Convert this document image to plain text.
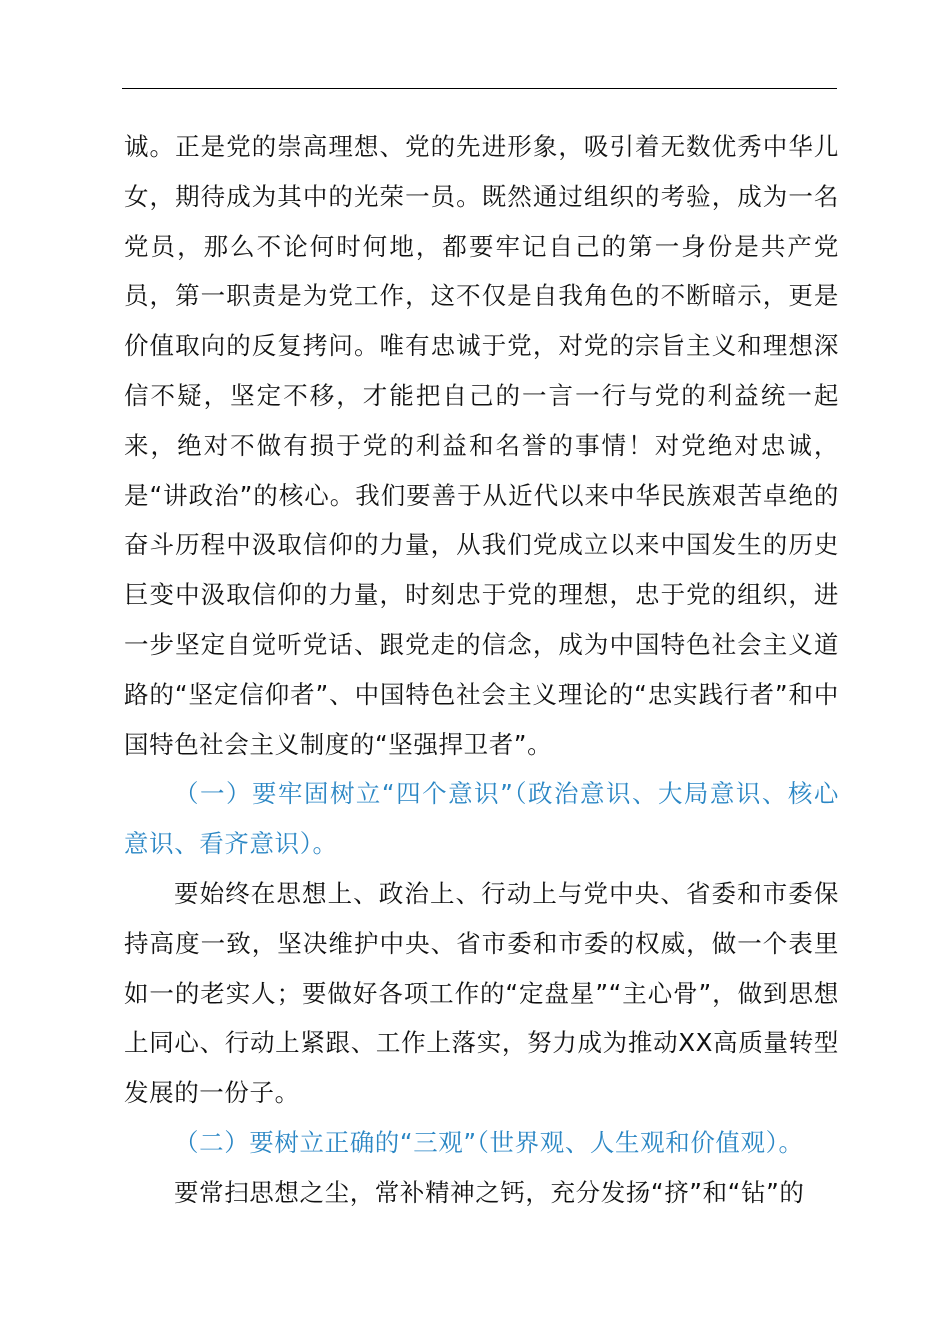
诚。正是党的崇高理想、党的先进形象，吸引着无数优秀中华儿女，期待成为其中的光荣一员。既然通过组织的考验，成为一名党员，那么不论何时何地，都要牢记自己的第一身份是共产党员，第一职责是为党工作，这不仅是自我角色的不断暗示，更是价值取向的反复拷问。唯有忠诚于党，对党的宗旨主义和理想深信不疑，坚定不移，才能把自己的一言一行与党的利益统一起来，绝对不做有损于党的利益和名誉的事情！对党绝对忠诚，是“讲政治”的核心。我们要善于从近代以来中华民族艰苦卓绝的奋斗历程中汲取信仰的力量，从我们党成立以来中国发生的历史巨变中汲取信仰的力量，时刻忠于党的理想，忠于党的组织，进一步坚定自觉听党话、跟党走的信念，成为中国特色社会主义道路的“坚定信仰者”、中国特色社会主义理论的“忠实践行者”和中国特色社会主义制度的“坚强捍卫者”。

（一）要牢固树立“四个意识”（政治意识、大局意识、核心意识、看齐意识）。

要始终在思想上、政治上、行动上与党中央、省委和市委保持高度一致，坚决维护中央、省市委和市委的权威，做一个表里如一的老实人；要做好各项工作的“定盘星”“主心骨”，做到思想上同心、行动上紧跟、工作上落实，努力成为推动XX高质量转型发展的一份子。

（二）要树立正确的“三观”（世界观、人生观和价值观）。

要常扫思想之尘，常补精神之钙，充分发扬“挤”和“钻”的
